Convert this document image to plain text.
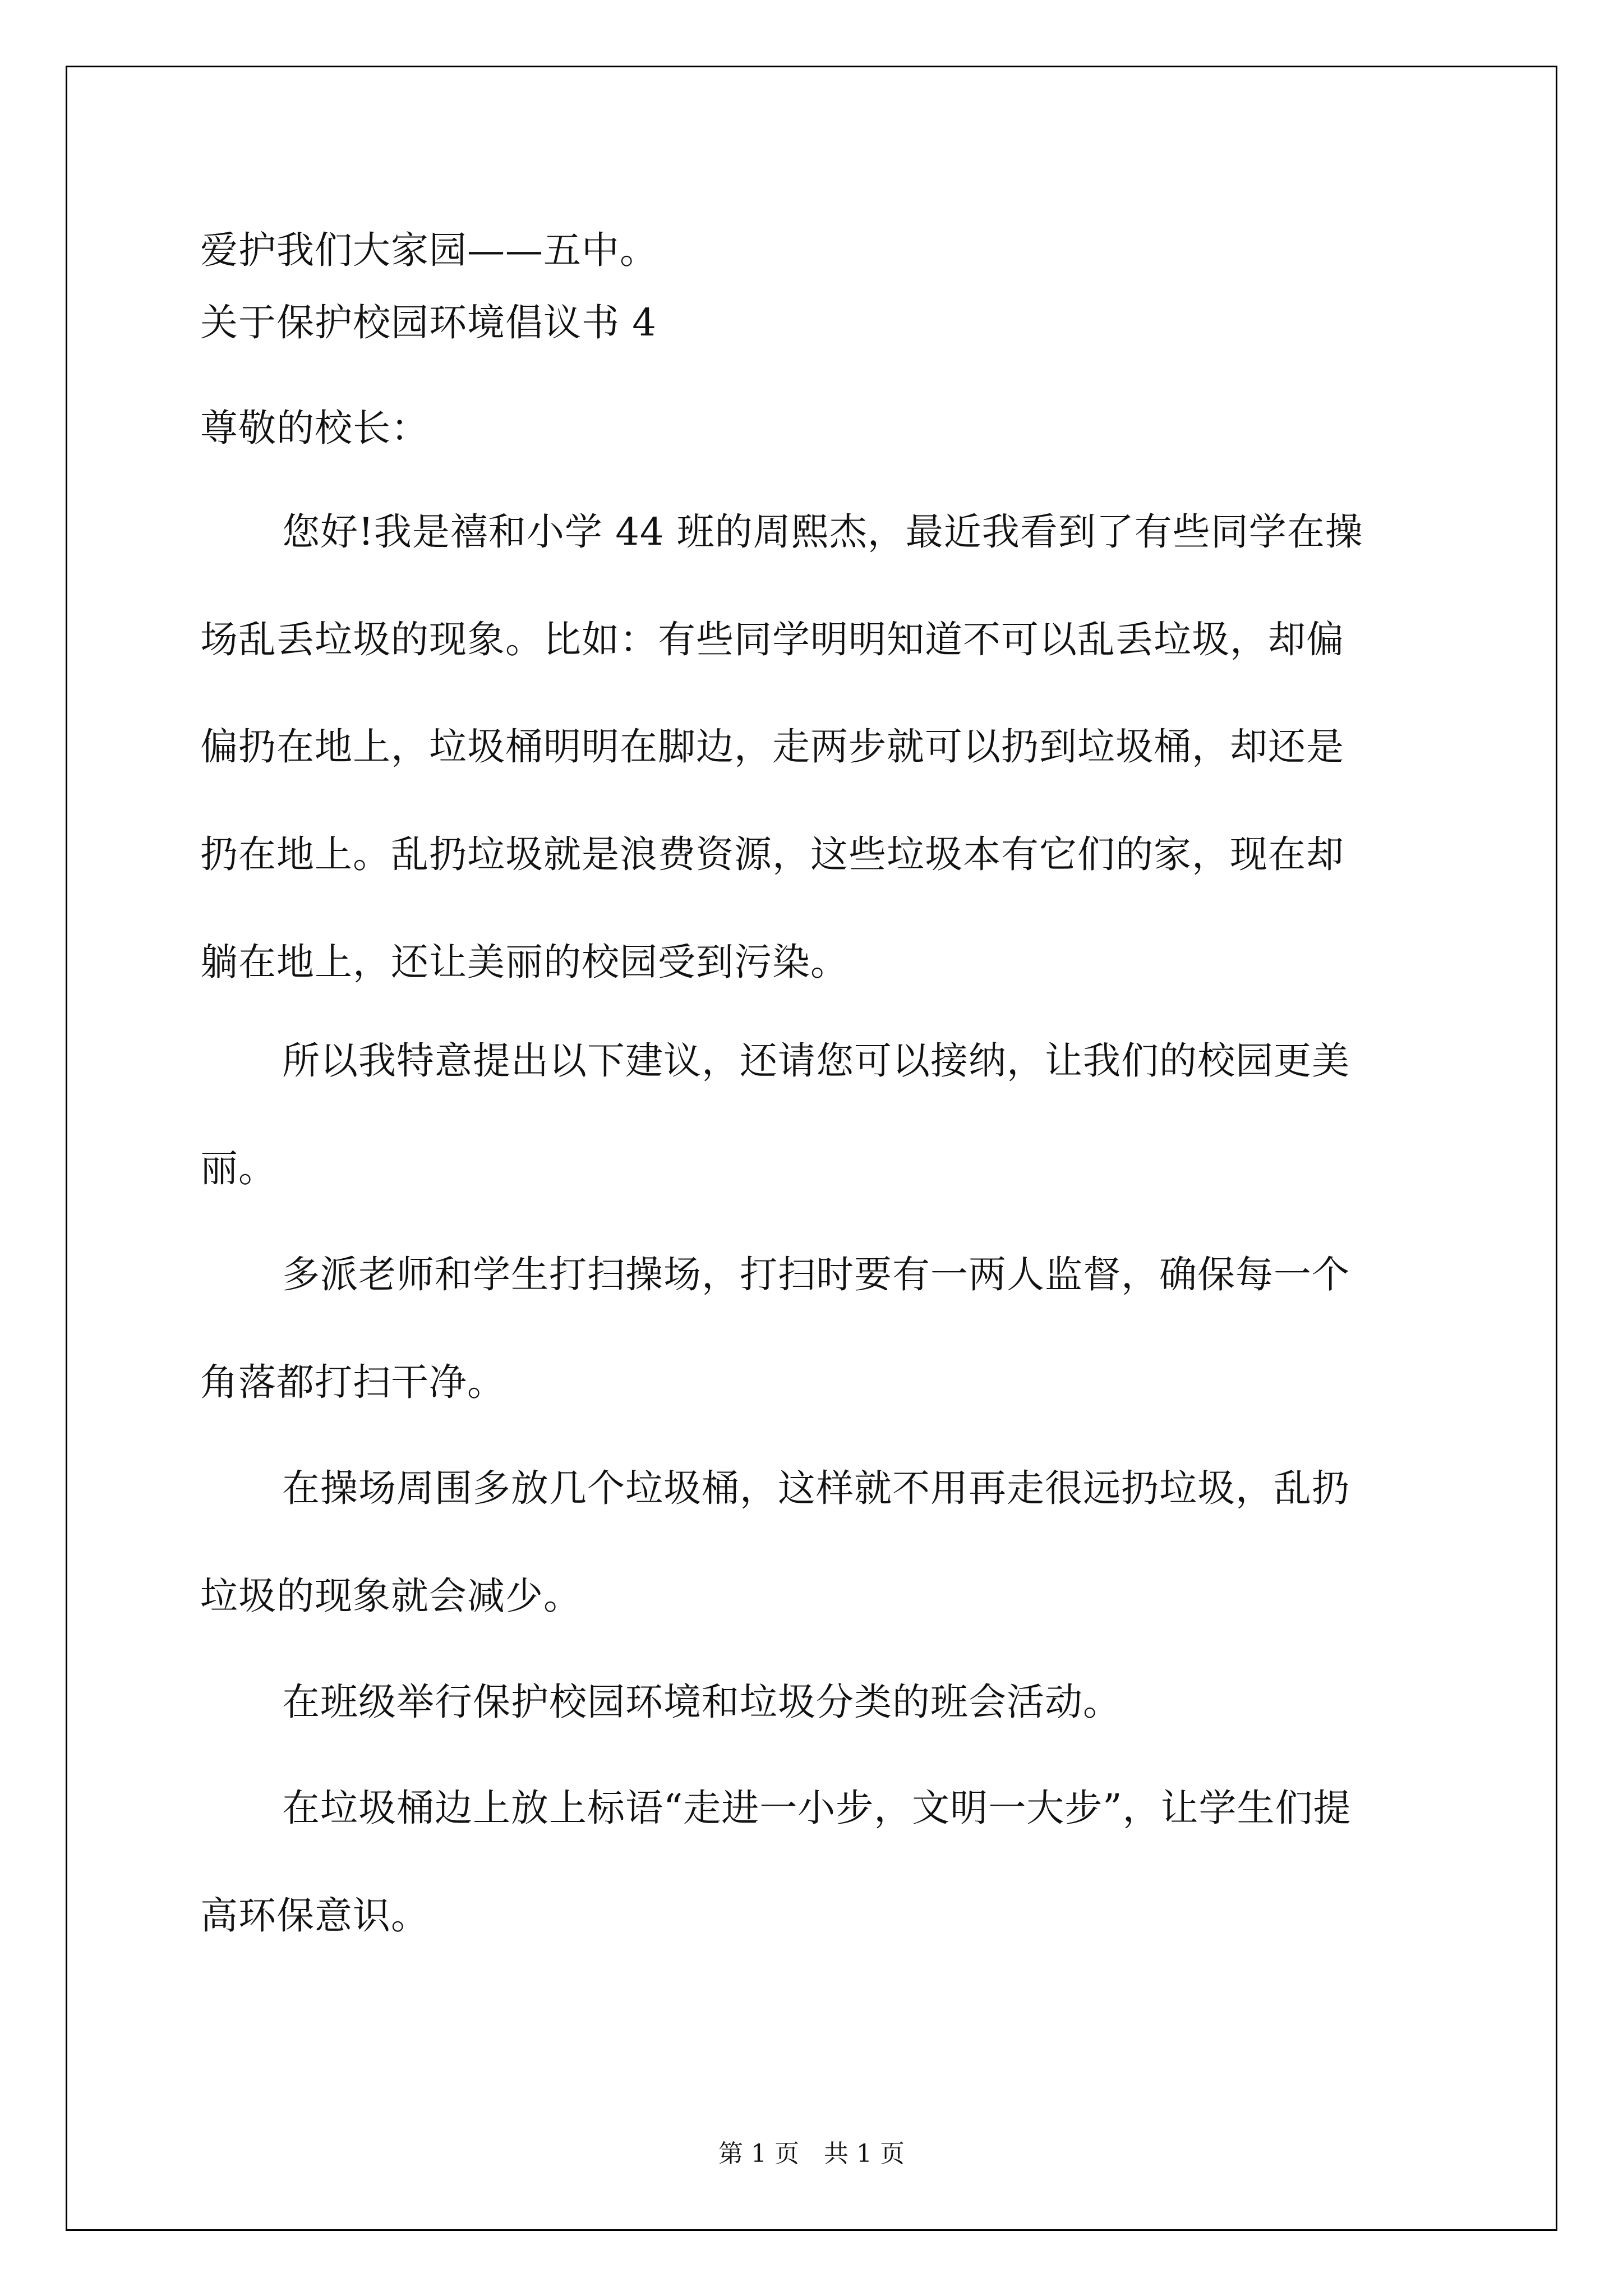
爱护我们大家园——五中。

关于保护校园环境倡议书 4

尊敬的校长：

您好!我是禧和小学 44 班的周熙杰，最近我看到了有些同学在操
场乱丢垃圾的现象。比如：有些同学明明知道不可以乱丢垃圾，却偏
偏扔在地上，垃圾桶明明在脚边，走两步就可以扔到垃圾桶，却还是
扔在地上。乱扔垃圾就是浪费资源，这些垃圾本有它们的家，现在却
躺在地上，还让美丽的校园受到污染。
所以我特意提出以下建议，还请您可以接纳，让我们的校园更美
丽。
多派老师和学生打扫操场，打扫时要有一两人监督，确保每一个
角落都打扫干净。
在操场周围多放几个垃圾桶，这样就不用再走很远扔垃圾，乱扔
垃圾的现象就会减少。
在班级举行保护校园环境和垃圾分类的班会活动。
在垃圾桶边上放上标语“走进一小步，文明一大步”，让学生们提
高环保意识。
第 1 页　共 1 页
